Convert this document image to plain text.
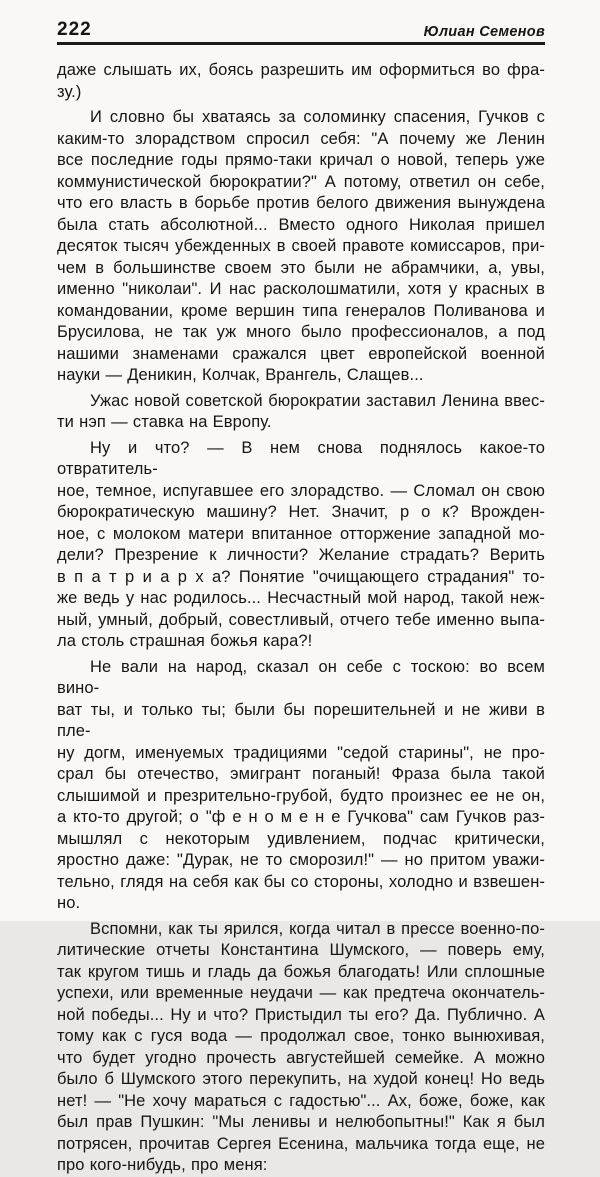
222	Юлиан Семенов
даже слышать их, боясь разрешить им оформиться во фра-
зу.)
И словно бы хватаясь за соломинку спасения, Гучков с
каким-то злорадством спросил себя: "А почему же Ленин
все последние годы прямо-таки кричал о новой, теперь уже
коммунистической бюрократии?" А потому, ответил он себе,
что его власть в борьбе против белого движения вынуждена
была стать абсолютной... Вместо одного Николая пришел
десяток тысяч убежденных в своей правоте комиссаров, при-
чем в большинстве своем это были не абрамчики, а, увы,
именно "николаи". И нас расколошматили, хотя у красных в
командовании, кроме вершин типа генералов Поливанова и
Брусилова, не так уж много было профессионалов, а под
нашими знаменами сражался цвет европейской военной
науки — Деникин, Колчак, Врангель, Слащев...
Ужас новой советской бюрократии заставил Ленина ввес-
ти нэп — ставка на Европу.
Ну и что? — В нем снова поднялось какое-то отвратитель-
ное, темное, испугавшее его злорадство. — Сломал он свою
бюрократическую машину? Нет. Значит, р о к? Врожден-
ное, с молоком матери впитанное отторжение западной мо-
дели? Презрение к личности? Желание страдать? Верить
в п а т р и а р х а? Понятие "очищающего страдания" то-
же ведь у нас родилось... Несчастный мой народ, такой неж-
ный, умный, добрый, совестливый, отчего тебе именно выпа-
ла столь страшная божья кара?!
Не вали на народ, сказал он себе с тоскою: во всем вино-
ват ты, и только ты; были бы порешительней и не живи в пле-
ну догм, именуемых традициями "седой старины", не про-
срал бы отечество, эмигрант поганый! Фраза была такой
слышимой и презрительно-грубой, будто произнес ее не он,
а кто-то другой; о "ф е н о м е н е Гучкова" сам Гучков раз-
мышлял с некоторым удивлением, подчас критически,
яростно даже: "Дурак, не то сморозил!" — но притом уважи-
тельно, глядя на себя как бы со стороны, холодно и взвешен-
но.
Вспомни, как ты ярился, когда читал в прессе военно-по-
литические отчеты Константина Шумского, — поверь ему,
так кругом тишь и гладь да божья благодать! Или сплошные
успехи, или временные неудачи — как предтеча окончатель-
ной победы... Ну и что? Пристыдил ты его? Да. Публично. А
тому как с гуся вода — продолжал свое, тонко вынюхивая,
что будет угодно прочесть августейшей семейке. А можно
было б Шумского этого перекупить, на худой конец! Но ведь
нет! — "Не хочу мараться с гадостью"... Ах, боже, боже, как
был прав Пушкин: "Мы ленивы и нелюбопытны!" Как я был
потрясен, прочитав Сергея Есенина, мальчика тогда еще, не
про кого-нибудь, про меня:
